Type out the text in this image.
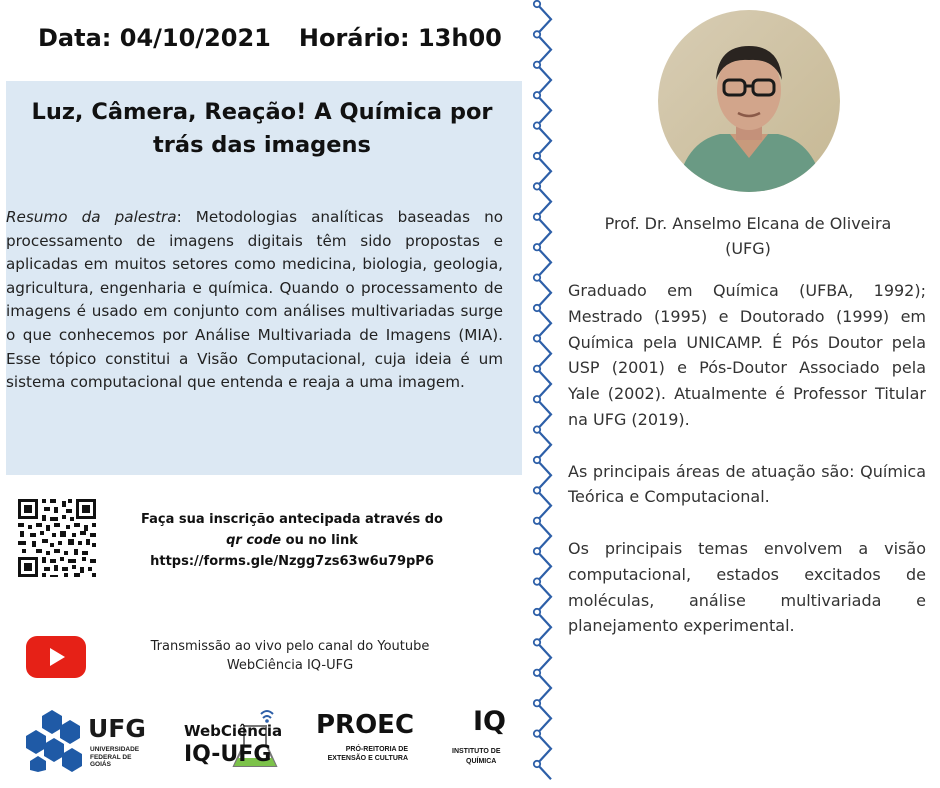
Data: 04/10/2021 Horário: 13h00
Luz, Câmera, Reação! A Química por trás das imagens
Resumo da palestra: Metodologias analíticas baseadas no processamento de imagens digitais têm sido propostas e aplicadas em muitos setores como medicina, biologia, geologia, agricultura, engenharia e química. Quando o processamento de imagens é usado em conjunto com análises multivariadas surge o que conhecemos por Análise Multivariada de Imagens (MIA). Esse tópico constitui a Visão Computacional, cuja ideia é um sistema computacional que entenda e reaja a uma imagem.
Faça sua inscrição antecipada através do
qr code ou no link
https://forms.gle/Nzgg7zs63w6u79pP6
Transmissão ao vivo pelo canal do Youtube
WebCiência IQ-UFG
UFG
UNIVERSIDADE
FEDERAL DE GOIÁS
WebCiência
IQ-UFG
PROEC
PRÓ-REITORIA DE
EXTENSÃO E CULTURA
IQ
INSTITUTO DE
QUÍMICA
Prof. Dr. Anselmo Elcana de Oliveira
(UFG)

Graduado em Química (UFBA, 1992); Mestrado (1995) e Doutorado (1999) em Química pela UNICAMP. É Pós Doutor pela USP (2001) e Pós-Doutor Associado pela Yale (2002). Atualmente é Professor Titular na UFG (2019).

As principais áreas de atuação são: Química Teórica e Computacional.

Os principais temas envolvem a visão computacional, estados excitados de moléculas, análise multivariada e planejamento experimental.
